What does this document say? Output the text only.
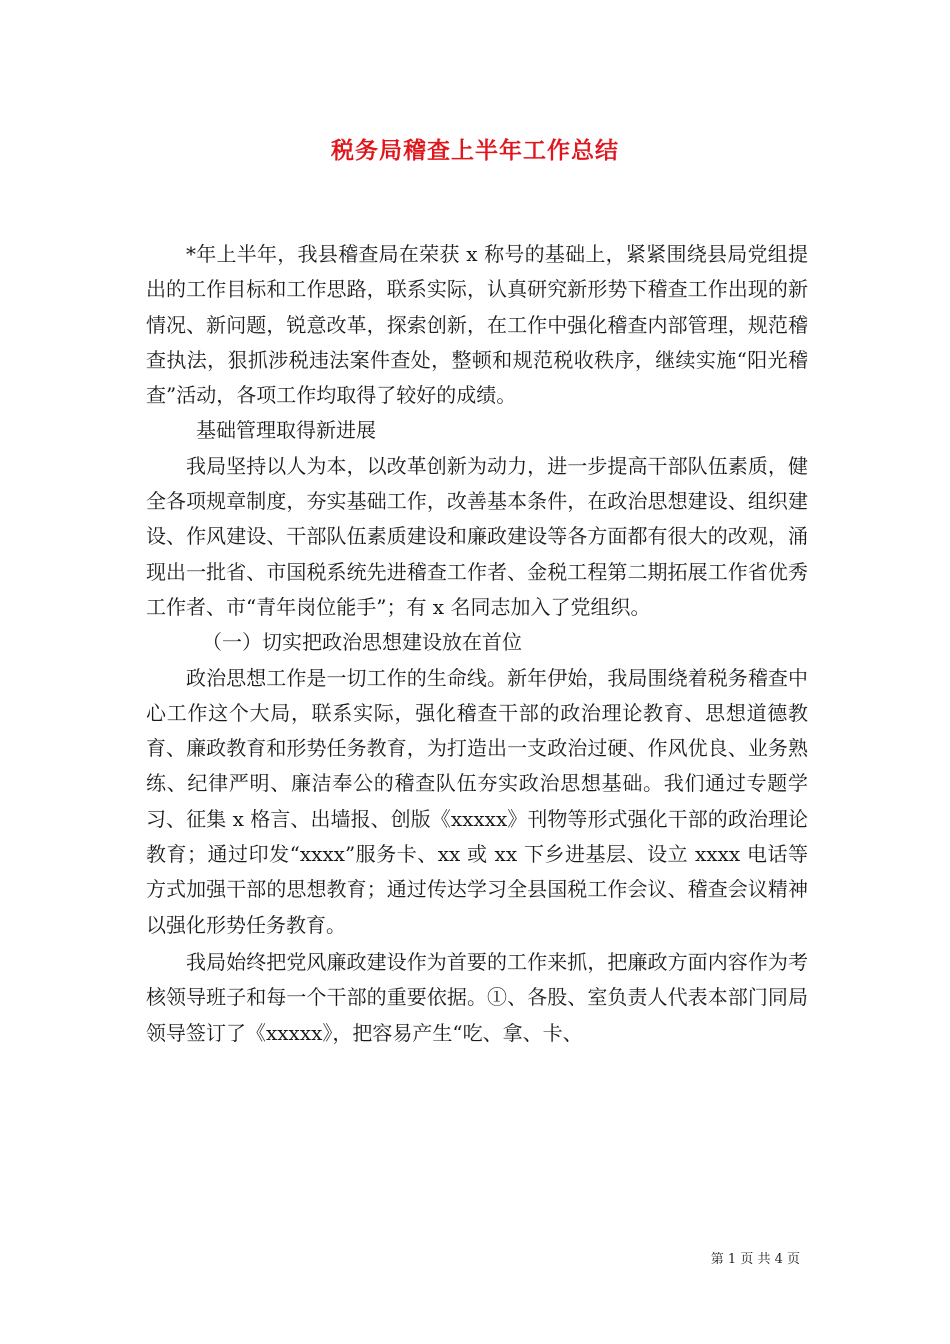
税务局稽查上半年工作总结

*年上半年，我县稽查局在荣获 x 称号的基础上，紧紧围绕县局党组提出的工作目标和工作思路，联系实际，认真研究新形势下稽查工作出现的新情况、新问题，锐意改革，探索创新，在工作中强化稽查内部管理，规范稽查执法，狠抓涉税违法案件查处，整顿和规范税收秩序，继续实施“阳光稽查”活动，各项工作均取得了较好的成绩。

基础管理取得新进展

我局坚持以人为本，以改革创新为动力，进一步提高干部队伍素质，健全各项规章制度，夯实基础工作，改善基本条件，在政治思想建设、组织建设、作风建设、干部队伍素质建设和廉政建设等各方面都有很大的改观，涌现出一批省、市国税系统先进稽查工作者、金税工程第二期拓展工作省优秀工作者、市“青年岗位能手”；有 x 名同志加入了党组织。

（一）切实把政治思想建设放在首位

政治思想工作是一切工作的生命线。新年伊始，我局围绕着税务稽查中心工作这个大局，联系实际，强化稽查干部的政治理论教育、思想道德教育、廉政教育和形势任务教育，为打造出一支政治过硬、作风优良、业务熟练、纪律严明、廉洁奉公的稽查队伍夯实政治思想基础。我们通过专题学习、征集 x 格言、出墙报、创版《xxxxx》刊物等形式强化干部的政治理论教育；通过印发“xxxx”服务卡、xx 或 xx 下乡进基层、设立 xxxx 电话等方式加强干部的思想教育；通过传达学习全县国税工作会议、稽查会议精神以强化形势任务教育。

我局始终把党风廉政建设作为首要的工作来抓，把廉政方面内容作为考核领导班子和每一个干部的重要依据。①、各股、室负责人代表本部门同局领导签订了《xxxxx》，把容易产生“吃、拿、卡、

第 1 页 共 4 页
